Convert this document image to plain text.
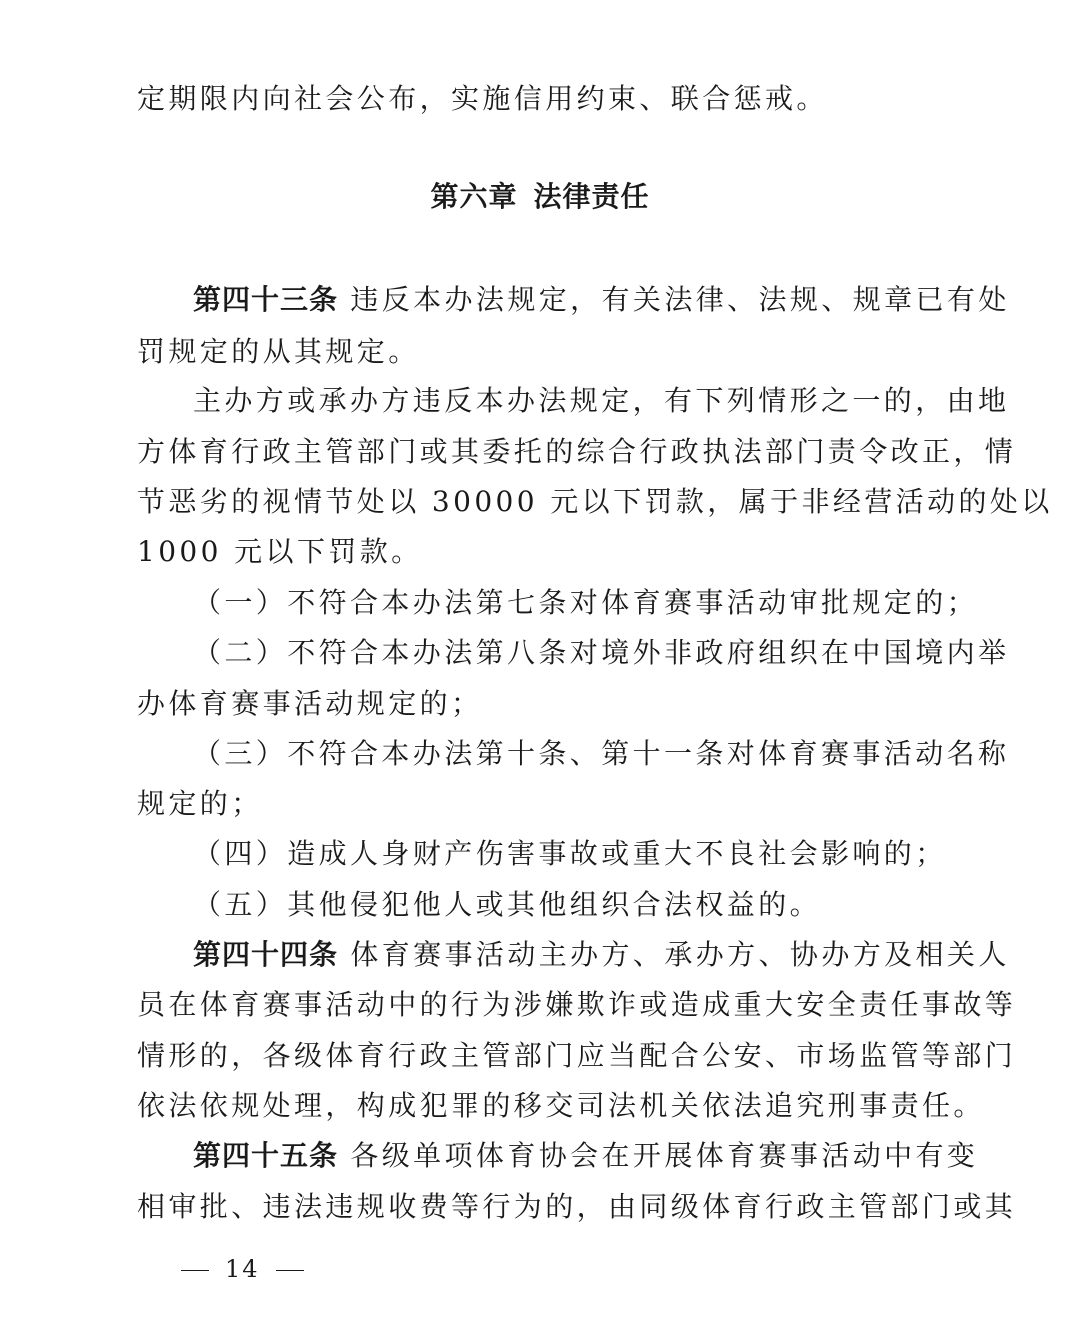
定期限内向社会公布，实施信用约束、联合惩戒。
第六章 法律责任
第四十三条 违反本办法规定，有关法律、法规、规章已有处
罚规定的从其规定。
主办方或承办方违反本办法规定，有下列情形之一的，由地
方体育行政主管部门或其委托的综合行政执法部门责令改正，情
节恶劣的视情节处以 30000 元以下罚款，属于非经营活动的处以
1000 元以下罚款。
（一）不符合本办法第七条对体育赛事活动审批规定的；
（二）不符合本办法第八条对境外非政府组织在中国境内举
办体育赛事活动规定的；
（三）不符合本办法第十条、第十一条对体育赛事活动名称
规定的；
（四）造成人身财产伤害事故或重大不良社会影响的；
（五）其他侵犯他人或其他组织合法权益的。
第四十四条 体育赛事活动主办方、承办方、协办方及相关人
员在体育赛事活动中的行为涉嫌欺诈或造成重大安全责任事故等
情形的，各级体育行政主管部门应当配合公安、市场监管等部门
依法依规处理，构成犯罪的移交司法机关依法追究刑事责任。
第四十五条 各级单项体育协会在开展体育赛事活动中有变
相审批、违法违规收费等行为的，由同级体育行政主管部门或其
14
